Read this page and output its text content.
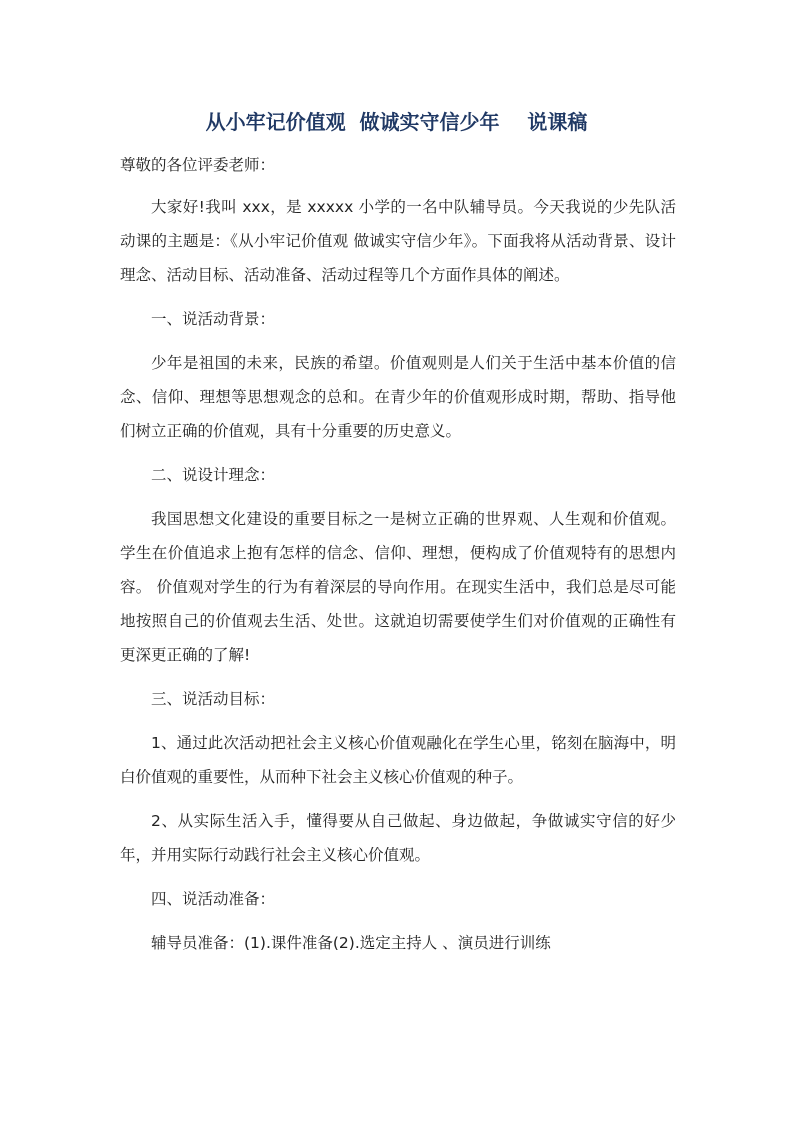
从小牢记价值观  做诚实守信少年    说课稿
尊敬的各位评委老师：

大家好!我叫 xxx，是 xxxxx 小学的一名中队辅导员。今天我说的少先队活动课的主题是：《从小牢记价值观 做诚实守信少年》。下面我将从活动背景、设计理念、活动目标、活动准备、活动过程等几个方面作具体的阐述。

一、说活动背景：

少年是祖国的未来，民族的希望。价值观则是人们关于生活中基本价值的信念、信仰、理想等思想观念的总和。在青少年的价值观形成时期，帮助、指导他们树立正确的价值观，具有十分重要的历史意义。

二、说设计理念：

我国思想文化建设的重要目标之一是树立正确的世界观、人生观和价值观。学生在价值追求上抱有怎样的信念、信仰、理想，便构成了价值观特有的思想内容。 价值观对学生的行为有着深层的导向作用。在现实生活中，我们总是尽可能地按照自己的价值观去生活、处世。这就迫切需要使学生们对价值观的正确性有更深更正确的了解!

三、说活动目标：

1、通过此次活动把社会主义核心价值观融化在学生心里，铭刻在脑海中，明白价值观的重要性，从而种下社会主义核心价值观的种子。

2、从实际生活入手，懂得要从自己做起、身边做起，争做诚实守信的好少年，并用实际行动践行社会主义核心价值观。

四、说活动准备：

辅导员准备：(1).课件准备(2).选定主持人 、演员进行训练
